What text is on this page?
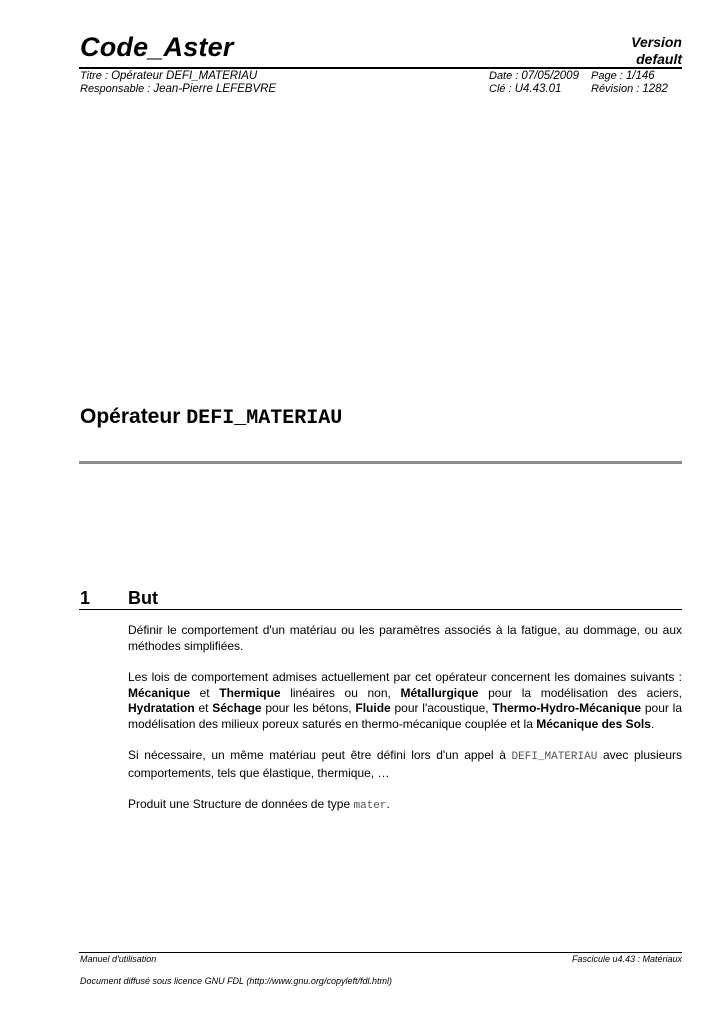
Code_Aster	Version
default
Titre : Opérateur DEFI_MATERIAU
Responsable : Jean-Pierre LEFEBVRE
Date : 07/05/2009 Page : 1/146
Clé : U4.43.01	Révision : 1282
Opérateur DEFI_MATERIAU
1 But

Définir le comportement d'un matériau ou les paramètres associés à la fatigue, au dommage, ou aux méthodes simplifiées.

Les lois de comportement admises actuellement par cet opérateur concernent les domaines suivants : Mécanique et Thermique linéaires ou non, Métallurgique pour la modélisation des aciers, Hydratation et Séchage pour les bétons, Fluide pour l'acoustique, Thermo-Hydro-Mécanique pour la modélisation des milieux poreux saturés en thermo-mécanique couplée et la Mécanique des Sols.

Si nécessaire, un même matériau peut être défini lors d'un appel à DEFI_MATERIAU avec plusieurs comportements, tels que élastique, thermique, …

Produit une Structure de données de type mater.

Manuel d'utilisation	Fascicule u4.43 : Matériaux
Document diffusé sous licence GNU FDL (http://www.gnu.org/copyleft/fdl.html)
